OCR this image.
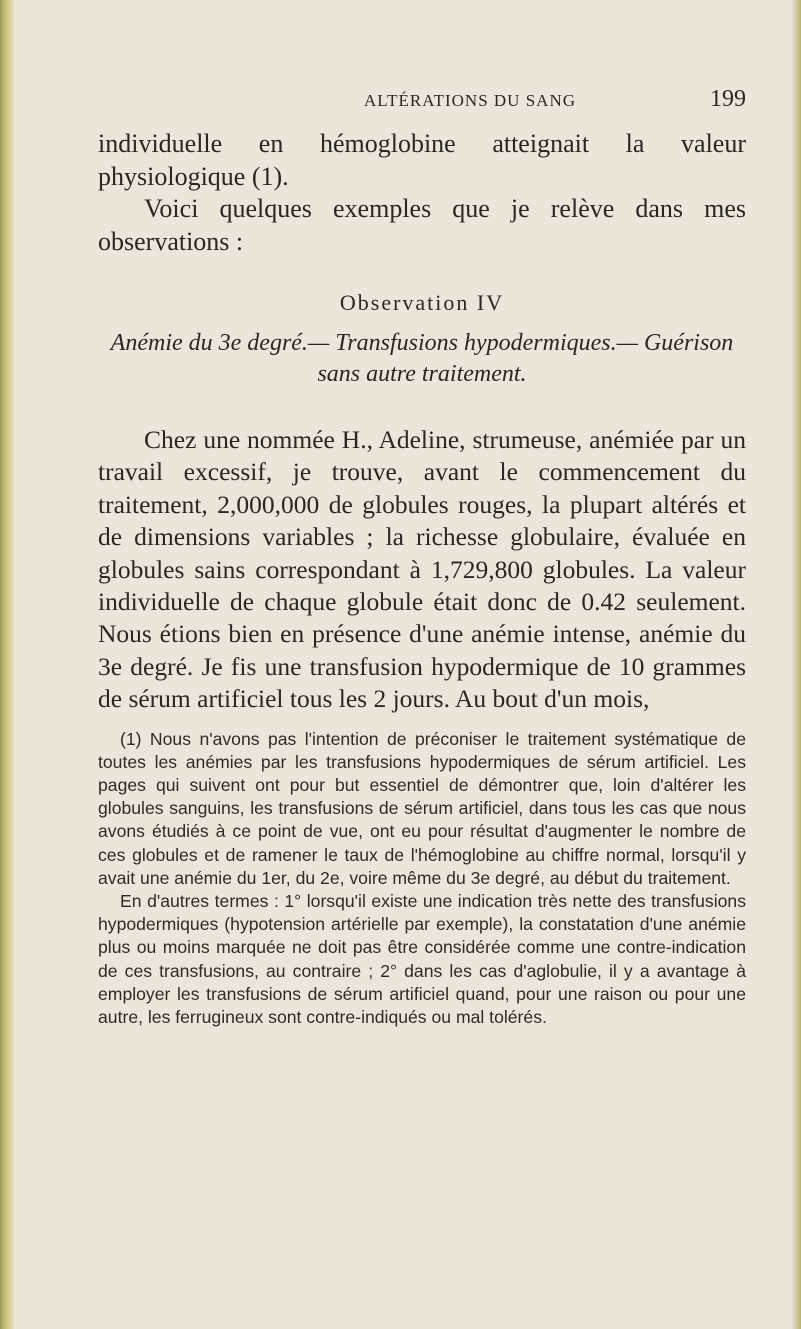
ALTÉRATIONS DU SANG	199

individuelle en hémoglobine atteignait la valeur physiologique (1).

Voici quelques exemples que je relève dans mes observations :

Observation IV
Anémie du 3e degré.— Transfusions hypodermiques.— Guérison sans autre traitement.

Chez une nommée H., Adeline, strumeuse, anémiée par un travail excessif, je trouve, avant le commencement du traitement, 2,000,000 de globules rouges, la plupart altérés et de dimensions variables ; la richesse globulaire, évaluée en globules sains correspondant à 1,729,800 globules. La valeur individuelle de chaque globule était donc de 0.42 seulement. Nous étions bien en présence d'une anémie intense, anémie du 3e degré. Je fis une transfusion hypodermique de 10 grammes de sérum artificiel tous les 2 jours. Au bout d'un mois,

(1) Nous n'avons pas l'intention de préconiser le traitement systématique de toutes les anémies par les transfusions hypodermiques de sérum artificiel. Les pages qui suivent ont pour but essentiel de démontrer que, loin d'altérer les globules sanguins, les transfusions de sérum artificiel, dans tous les cas que nous avons étudiés à ce point de vue, ont eu pour résultat d'augmenter le nombre de ces globules et de ramener le taux de l'hémoglobine au chiffre normal, lorsqu'il y avait une anémie du 1er, du 2e, voire même du 3e degré, au début du traitement.

En d'autres termes : 1° lorsqu'il existe une indication très nette des transfusions hypodermiques (hypotension artérielle par exemple), la constatation d'une anémie plus ou moins marquée ne doit pas être considérée comme une contre-indication de ces transfusions, au contraire ; 2° dans les cas d'aglobulie, il y a avantage à employer les transfusions de sérum artificiel quand, pour une raison ou pour une autre, les ferrugineux sont contre-indiqués ou mal tolérés.
